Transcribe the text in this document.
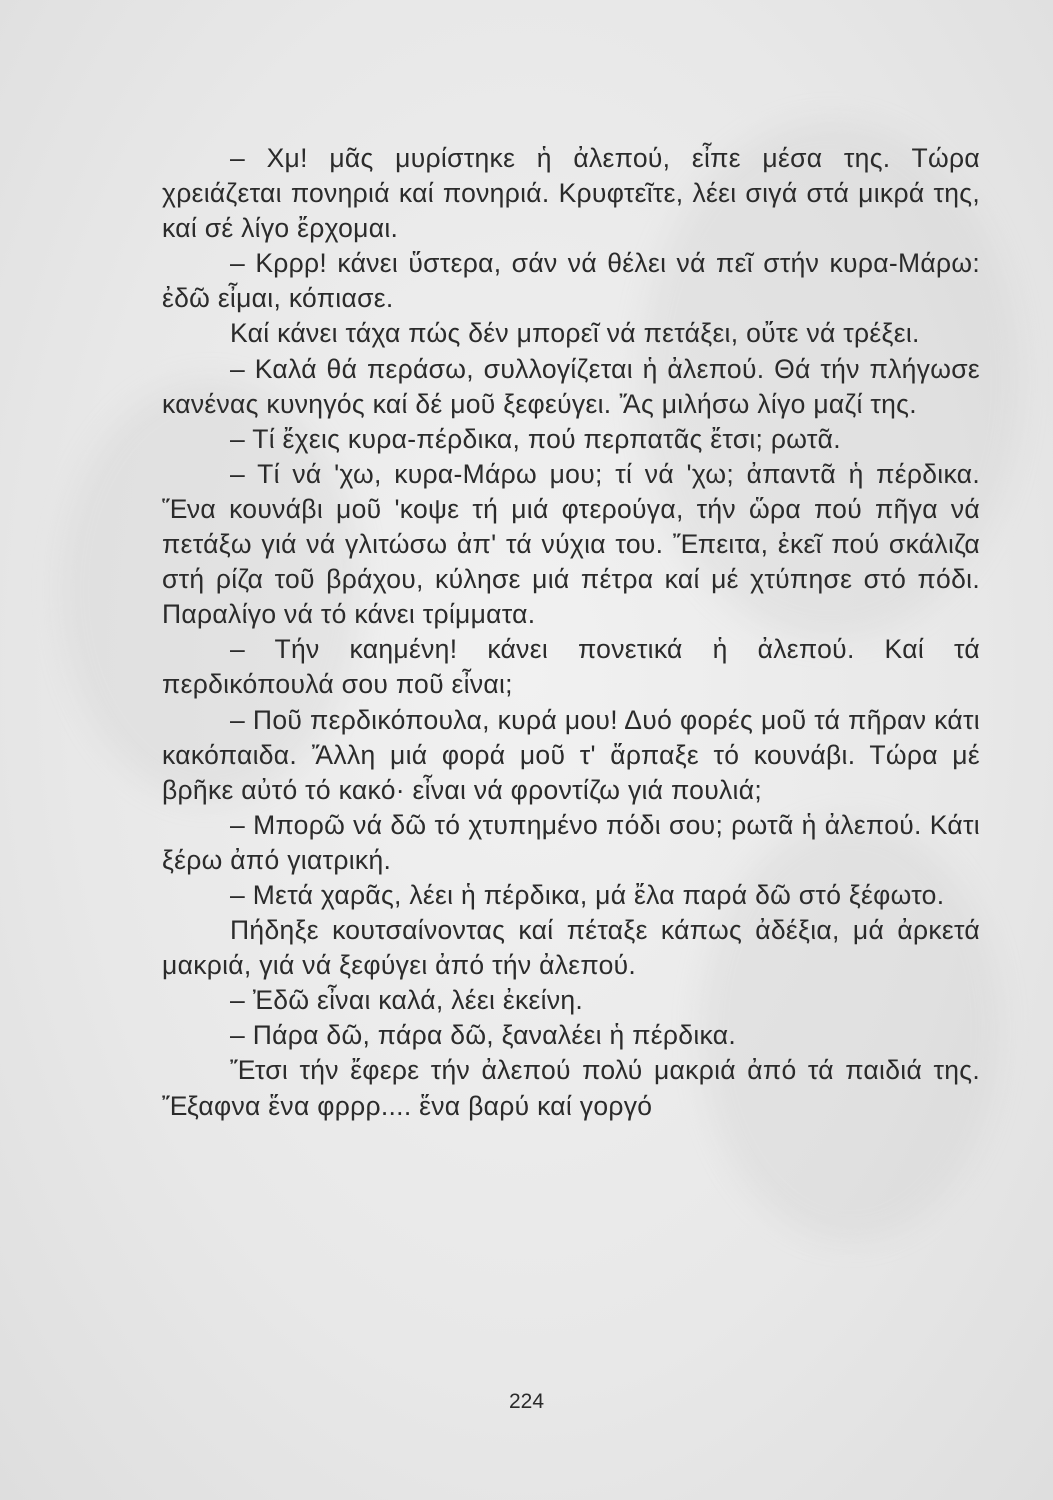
– Χμ! μᾶς μυρίστηκε ἡ ἀλεπού, εἶπε μέσα της. Τώρα χρειάζεται πονηριά καί πονηριά. Κρυφτεῖτε, λέει σιγά στά μικρά της, καί σέ λίγο ἔρχομαι.

– Κρρρ! κάνει ὕστερα, σάν νά θέλει νά πεῖ στήν κυρα-Μάρω: ἐδῶ εἶμαι, κόπιασε.

Καί κάνει τάχα πώς δέν μπορεῖ νά πετάξει, οὔτε νά τρέξει.

– Καλά θά περάσω, συλλογίζεται ἡ ἀλεπού. Θά τήν πλήγωσε κανένας κυνηγός καί δέ μοῦ ξεφεύγει. Ἄς μιλήσω λίγο μαζί της.

– Τί ἔχεις κυρα-πέρδικα, πού περπατᾶς ἔτσι; ρωτᾶ.

– Τί νά 'χω, κυρα-Μάρω μου; τί νά 'χω; ἀπαντᾶ ἡ πέρδικα. Ἕνα κουνάβι μοῦ 'κοψε τή μιά φτερούγα, τήν ὥρα πού πῆγα νά πετάξω γιά νά γλιτώσω ἀπ' τά νύχια του. Ἔπειτα, ἐκεῖ πού σκάλιζα στή ρίζα τοῦ βράχου, κύλησε μιά πέτρα καί μέ χτύπησε στό πόδι. Παραλίγο νά τό κάνει τρίμματα.

– Τήν καημένη! κάνει πονετικά ἡ ἀλεπού. Καί τά περδικόπουλά σου ποῦ εἶναι;

– Ποῦ περδικόπουλα, κυρά μου! Δυό φορές μοῦ τά πῆραν κάτι κακόπαιδα. Ἄλλη μιά φορά μοῦ τ' ἅρπαξε τό κουνάβι. Τώρα μέ βρῆκε αὐτό τό κακό· εἶναι νά φροντίζω γιά πουλιά;

– Μπορῶ νά δῶ τό χτυπημένο πόδι σου; ρωτᾶ ἡ ἀλεπού. Κάτι ξέρω ἀπό γιατρική.

– Μετά χαρᾶς, λέει ἡ πέρδικα, μά ἔλα παρά δῶ στό ξέφωτο.

Πήδηξε κουτσαίνοντας καί πέταξε κάπως ἀδέξια, μά ἀρκετά μακριά, γιά νά ξεφύγει ἀπό τήν ἀλεπού.

– Ἐδῶ εἶναι καλά, λέει ἐκείνη.

– Πάρα δῶ, πάρα δῶ, ξαναλέει ἡ πέρδικα.

Ἔτσι τήν ἔφερε τήν ἀλεπού πολύ μακριά ἀπό τά παιδιά της. Ἔξαφνα ἕνα φρρρ.... ἕνα βαρύ καί γοργό

224
